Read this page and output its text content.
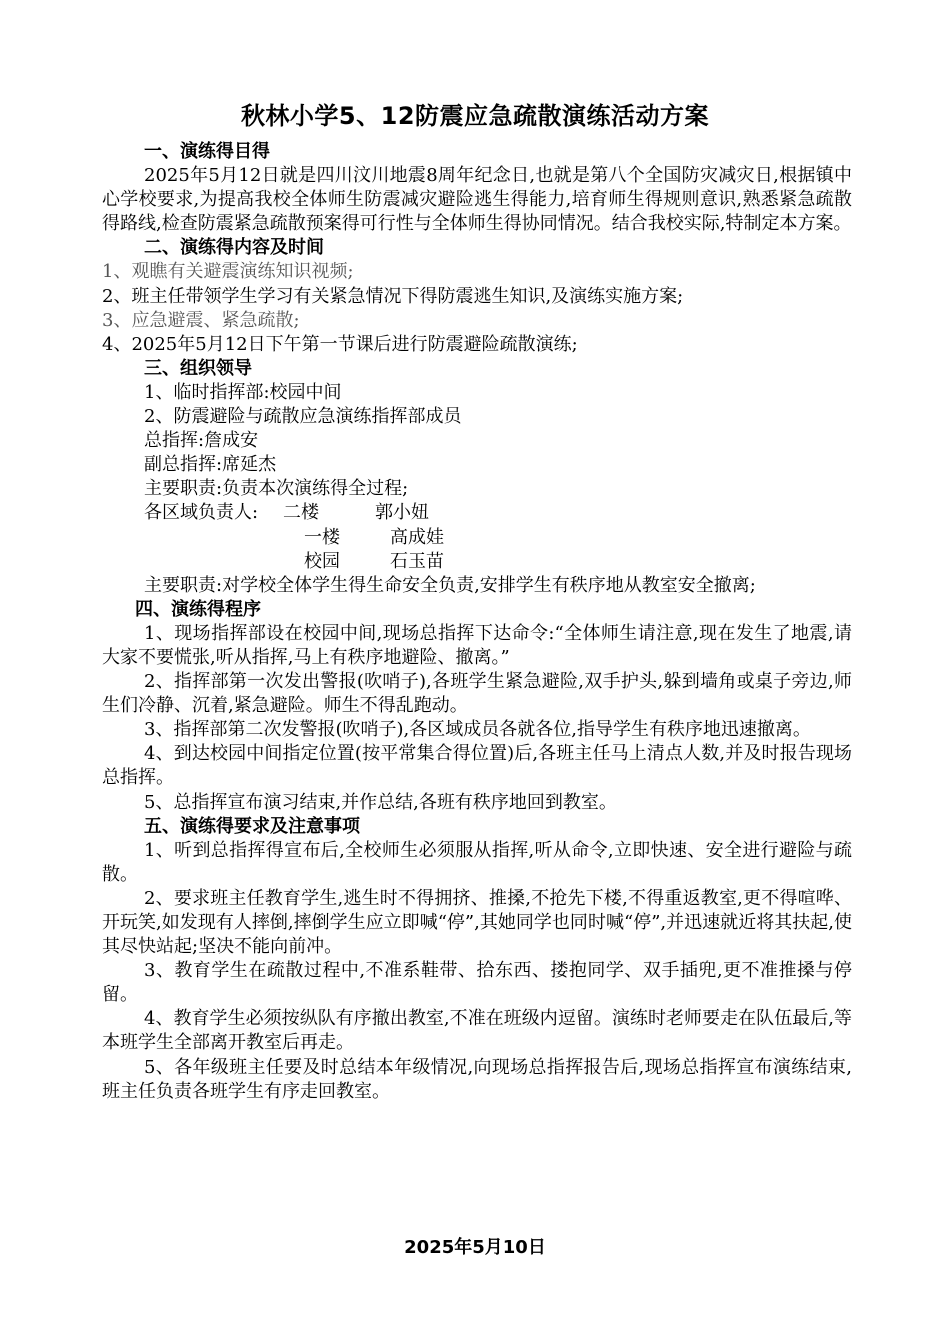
秋林小学5、12防震应急疏散演练活动方案

一、演练得目得

2025年5月12日就是四川汶川地震8周年纪念日,也就是第八个全国防灾减灾日,根据镇中心学校要求,为提高我校全体师生防震减灾避险逃生得能力,培育师生得规则意识,熟悉紧急疏散得路线,检查防震紧急疏散预案得可行性与全体师生得协同情况。结合我校实际,特制定本方案。

二、演练得内容及时间

1、观瞧有关避震演练知识视频;

2、班主任带领学生学习有关紧急情况下得防震逃生知识,及演练实施方案;

3、应急避震、紧急疏散;

4、2025年5月12日下午第一节课后进行防震避险疏散演练;

三、组织领导

1、临时指挥部:校园中间

2、防震避险与疏散应急演练指挥部成员

总指挥:詹成安

副总指挥:席延杰

主要职责:负责本次演练得全过程;

各区域负责人:	二楼	郭小妞
一楼	高成娃
校园	石玉苗

主要职责:对学校全体学生得生命安全负责,安排学生有秩序地从教室安全撤离;

四、演练得程序

1、现场指挥部设在校园中间,现场总指挥下达命令:“全体师生请注意,现在发生了地震,请大家不要慌张,听从指挥,马上有秩序地避险、撤离。”

2、指挥部第一次发出警报(吹哨子),各班学生紧急避险,双手护头,躲到墙角或桌子旁边,师生们冷静、沉着,紧急避险。师生不得乱跑动。

3、指挥部第二次发警报(吹哨子),各区域成员各就各位,指导学生有秩序地迅速撤离。

4、到达校园中间指定位置(按平常集合得位置)后,各班主任马上清点人数,并及时报告现场总指挥。

5、总指挥宣布演习结束,并作总结,各班有秩序地回到教室。

五、演练得要求及注意事项

1、听到总指挥得宣布后,全校师生必须服从指挥,听从命令,立即快速、安全进行避险与疏散。

2、要求班主任教育学生,逃生时不得拥挤、推搡,不抢先下楼,不得重返教室,更不得喧哗、开玩笑,如发现有人摔倒,摔倒学生应立即喊“停”,其她同学也同时喊“停”,并迅速就近将其扶起,使其尽快站起;坚决不能向前冲。

3、教育学生在疏散过程中,不准系鞋带、拾东西、搂抱同学、双手插兜,更不准推搡与停留。

4、教育学生必须按纵队有序撤出教室,不准在班级内逗留。演练时老师要走在队伍最后,等本班学生全部离开教室后再走。

5、各年级班主任要及时总结本年级情况,向现场总指挥报告后,现场总指挥宣布演练结束,班主任负责各班学生有序走回教室。

2025年5月10日
